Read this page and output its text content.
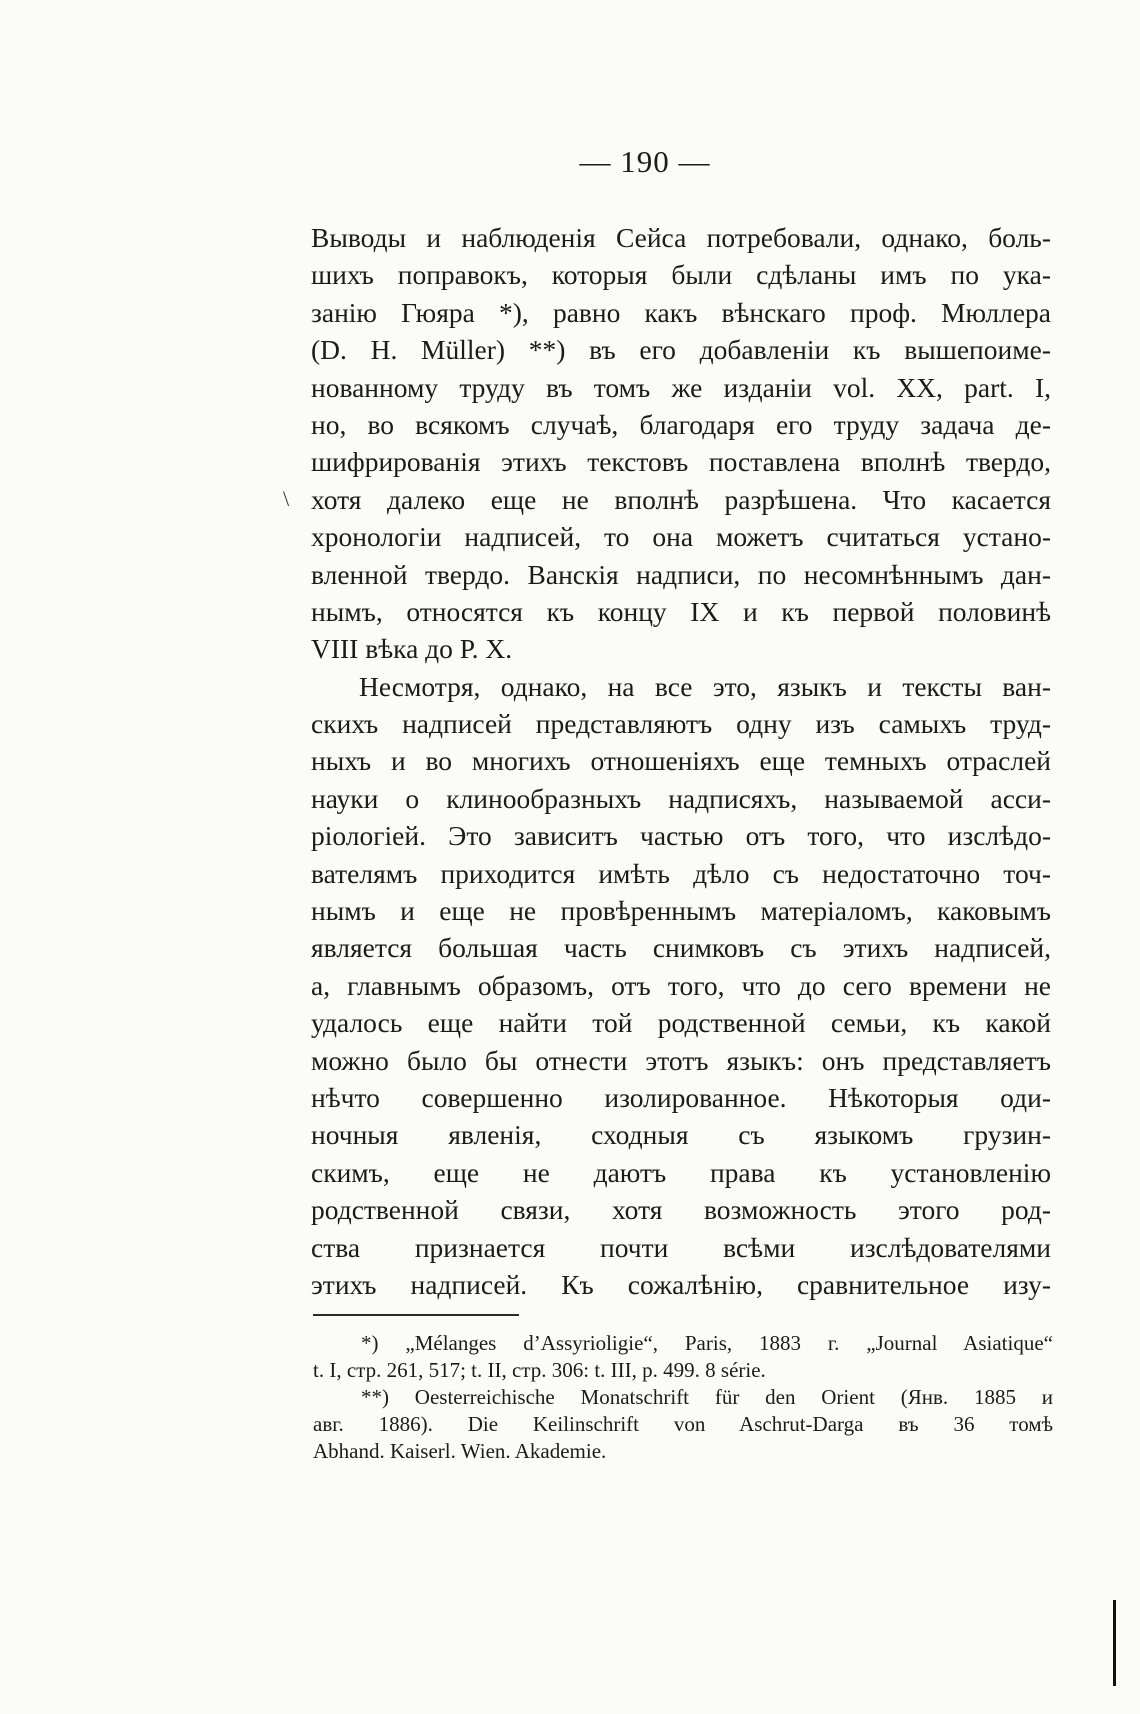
— 190 —
\
Выводы и наблюденія Сейса потребовали, однако, боль-
шихъ поправокъ, которыя были сдѣланы имъ по ука-
занію Гюяра *), равно какъ вѣнскаго проф. Мюллера
(D. H. Müller) **) въ его добавленіи къ вышепоиме-
нованному труду въ томъ же изданіи vol. XX, part. I,
но, во всякомъ случаѣ, благодаря его труду задача де-
шифрированія этихъ текстовъ поставлена вполнѣ твердо,
хотя далеко еще не вполнѣ разрѣшена. Что касается
хронологіи надписей, то она можетъ считаться устано-
вленной твердо. Ванскія надписи, по несомнѣннымъ дан-
нымъ, относятся къ концу IX и къ первой половинѣ
VIII вѣка до Р. Х.
Несмотря, однако, на все это, языкъ и тексты ван-
скихъ надписей представляютъ одну изъ самыхъ труд-
ныхъ и во многихъ отношеніяхъ еще темныхъ отраслей
науки о клинообразныхъ надписяхъ, называемой асси-
ріологіей. Это зависитъ частью отъ того, что изслѣдо-
вателямъ приходится имѣть дѣло съ недостаточно точ-
нымъ и еще не провѣреннымъ матеріаломъ, каковымъ
является большая часть снимковъ съ этихъ надписей,
а, главнымъ образомъ, отъ того, что до сего времени не
удалось еще найти той родственной семьи, къ какой
можно было бы отнести этотъ языкъ: онъ представляетъ
нѣчто совершенно изолированное. Нѣкоторыя оди-
ночныя явленія, сходныя съ языкомъ грузин-
скимъ, еще не даютъ права къ установленію
родственной связи, хотя возможность этого род-
ства признается почти всѣми изслѣдователями
этихъ надписей. Къ сожалѣнію, сравнительное изу-
*) „Mélanges d’Assyrioligie“, Paris, 1883 г. „Journal Asiatique“
t. I, стр. 261, 517; t. II, стр. 306: t. III, p. 499. 8 série.
**) Oesterreichische Monatschrift für den Orient (Янв. 1885 и
авг. 1886). Die Keilinschrift von Aschrut-Darga въ 36 томѣ
Abhand. Kaiserl. Wien. Akademie.
